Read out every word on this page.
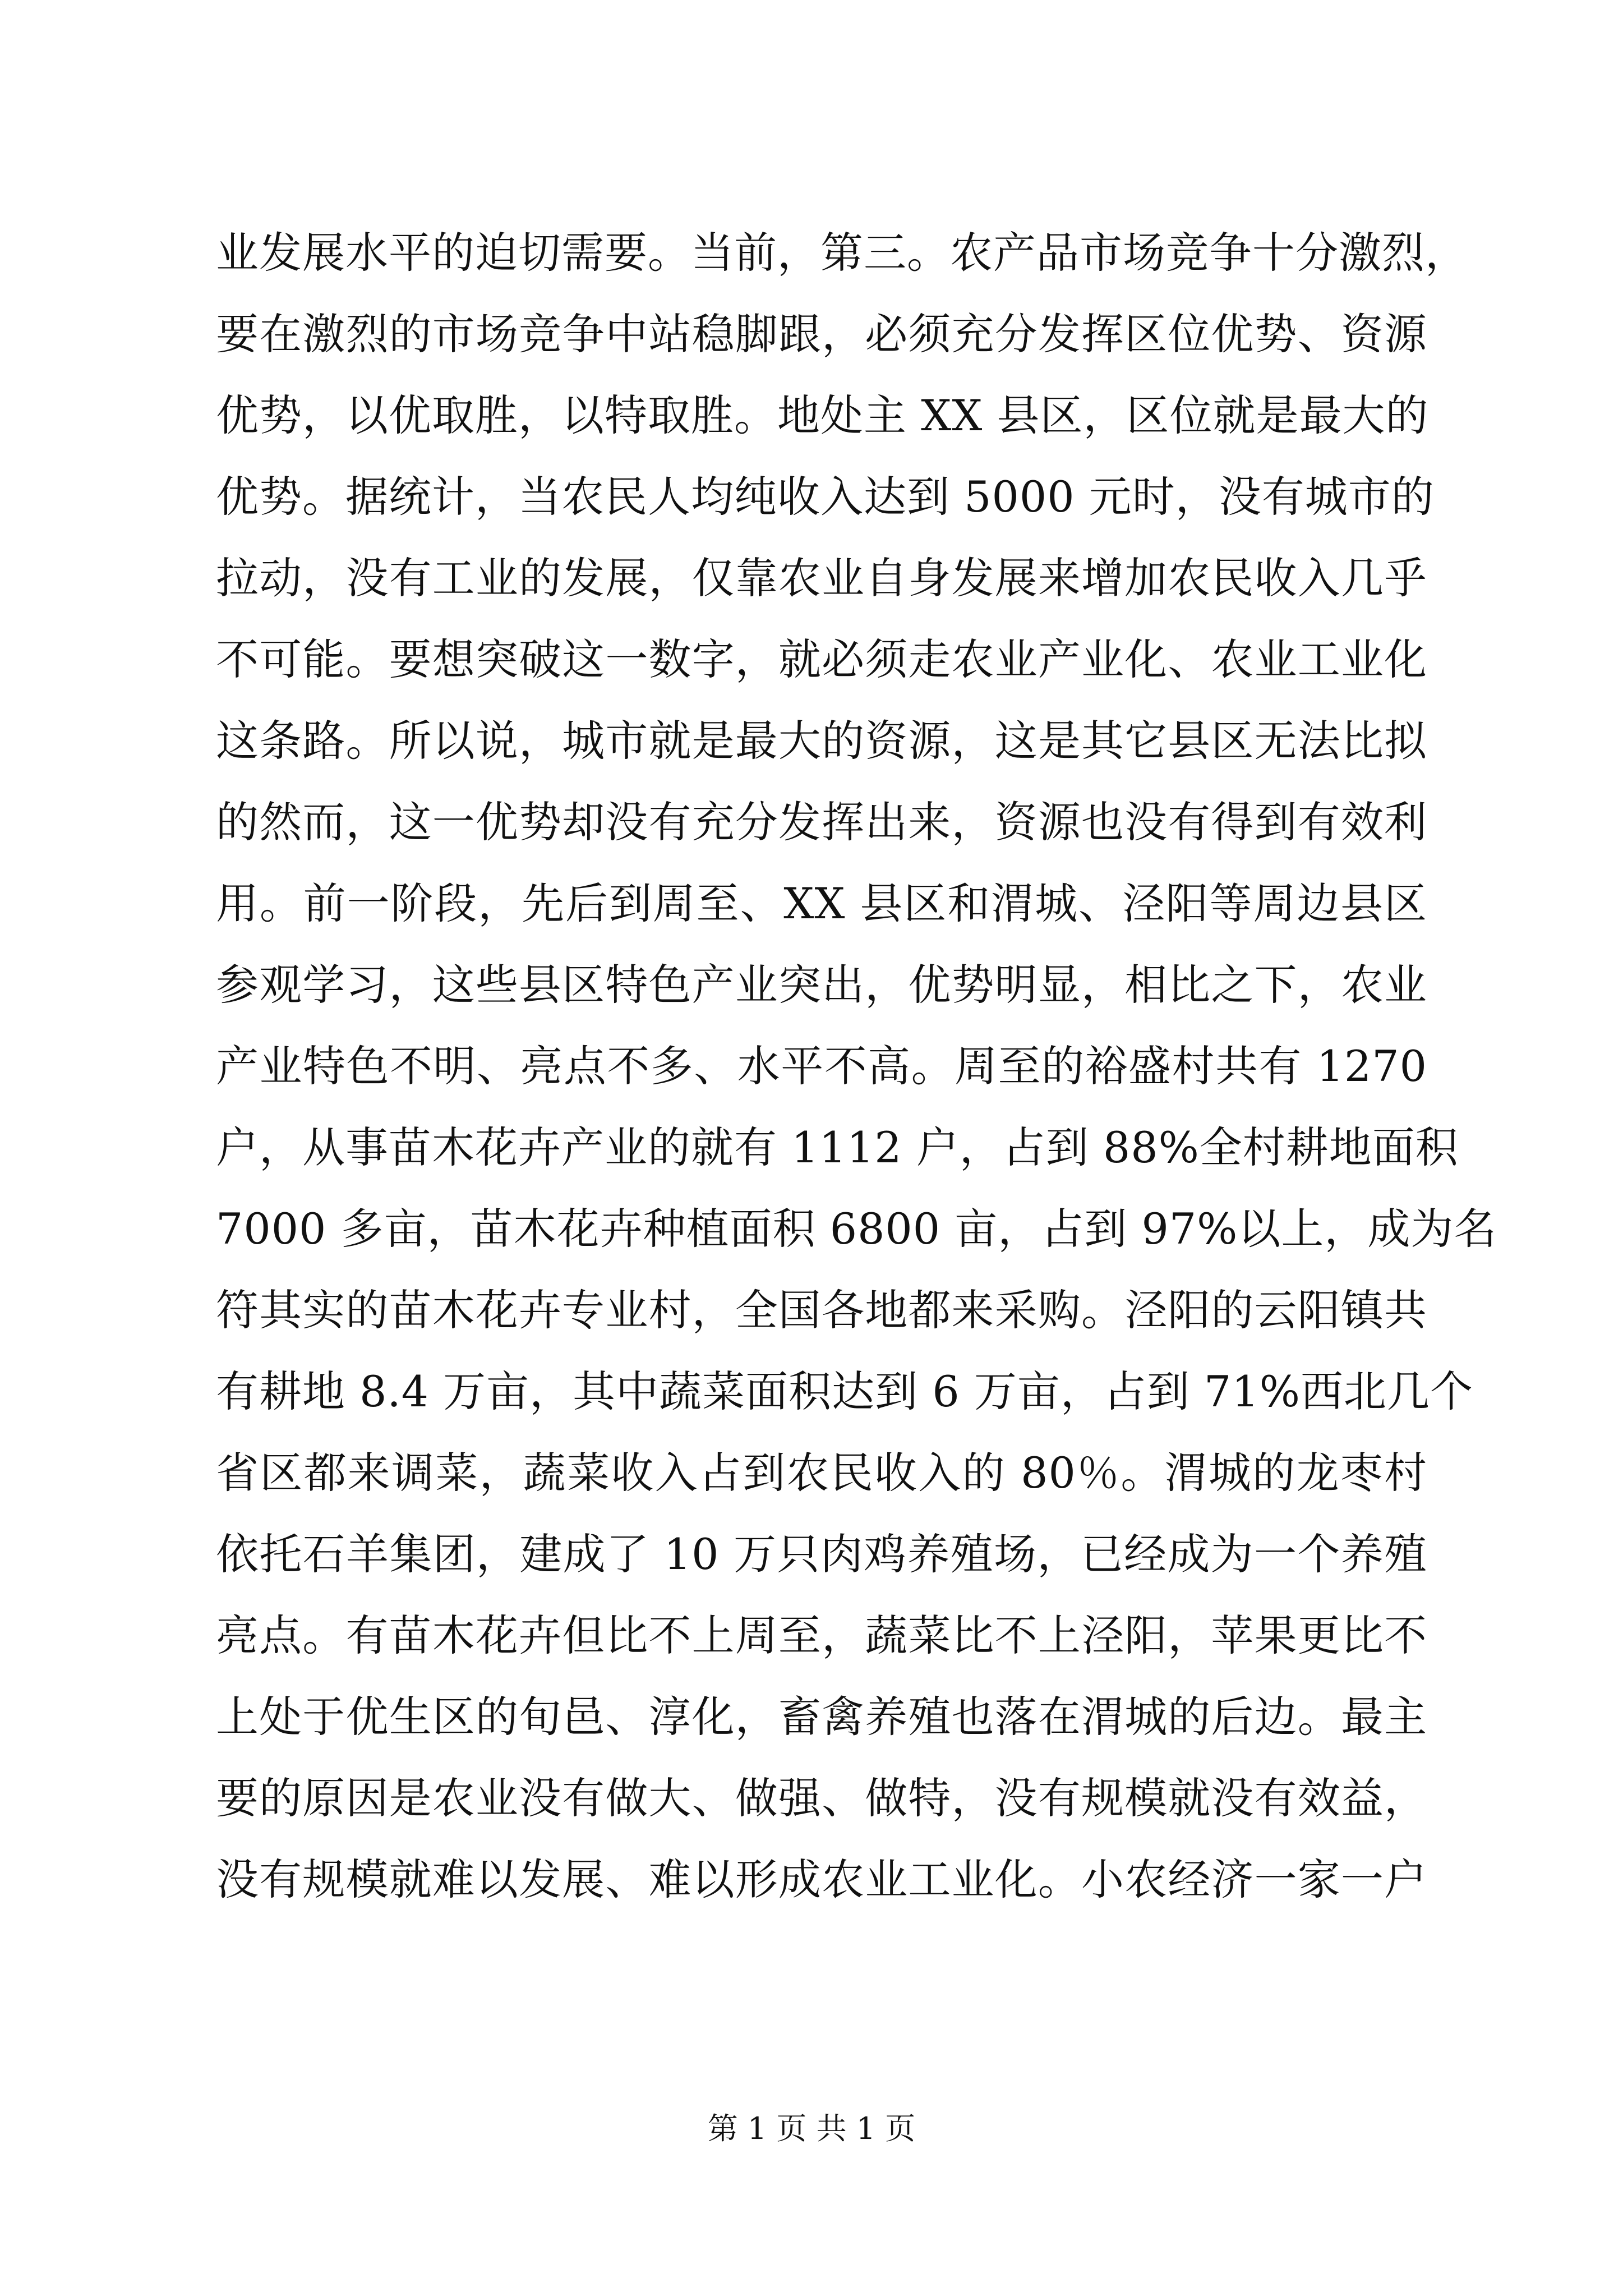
业发展水平的迫切需要。当前，第三。农产品市场竞争十分激烈，
要在激烈的市场竞争中站稳脚跟，必须充分发挥区位优势、资源
优势，以优取胜，以特取胜。地处主 XX 县区，区位就是最大的
优势。据统计，当农民人均纯收入达到 5000 元时，没有城市的
拉动，没有工业的发展，仅靠农业自身发展来增加农民收入几乎
不可能。要想突破这一数字，就必须走农业产业化、农业工业化
这条路。所以说，城市就是最大的资源，这是其它县区无法比拟
的然而，这一优势却没有充分发挥出来，资源也没有得到有效利
用。前一阶段，先后到周至、XX 县区和渭城、泾阳等周边县区
参观学习，这些县区特色产业突出，优势明显，相比之下，农业
产业特色不明、亮点不多、水平不高。周至的裕盛村共有 1270
户，从事苗木花卉产业的就有 1112 户，占到 88%全村耕地面积
7000 多亩，苗木花卉种植面积 6800 亩，占到 97%以上，成为名
符其实的苗木花卉专业村，全国各地都来采购。泾阳的云阳镇共
有耕地 8.4 万亩，其中蔬菜面积达到 6 万亩，占到 71%西北几个
省区都来调菜，蔬菜收入占到农民收入的 80％。渭城的龙枣村
依托石羊集团，建成了 10 万只肉鸡养殖场，已经成为一个养殖
亮点。有苗木花卉但比不上周至，蔬菜比不上泾阳，苹果更比不
上处于优生区的旬邑、淳化，畜禽养殖也落在渭城的后边。最主
要的原因是农业没有做大、做强、做特，没有规模就没有效益，
没有规模就难以发展、难以形成农业工业化。小农经济一家一户
第 1 页 共 1 页
